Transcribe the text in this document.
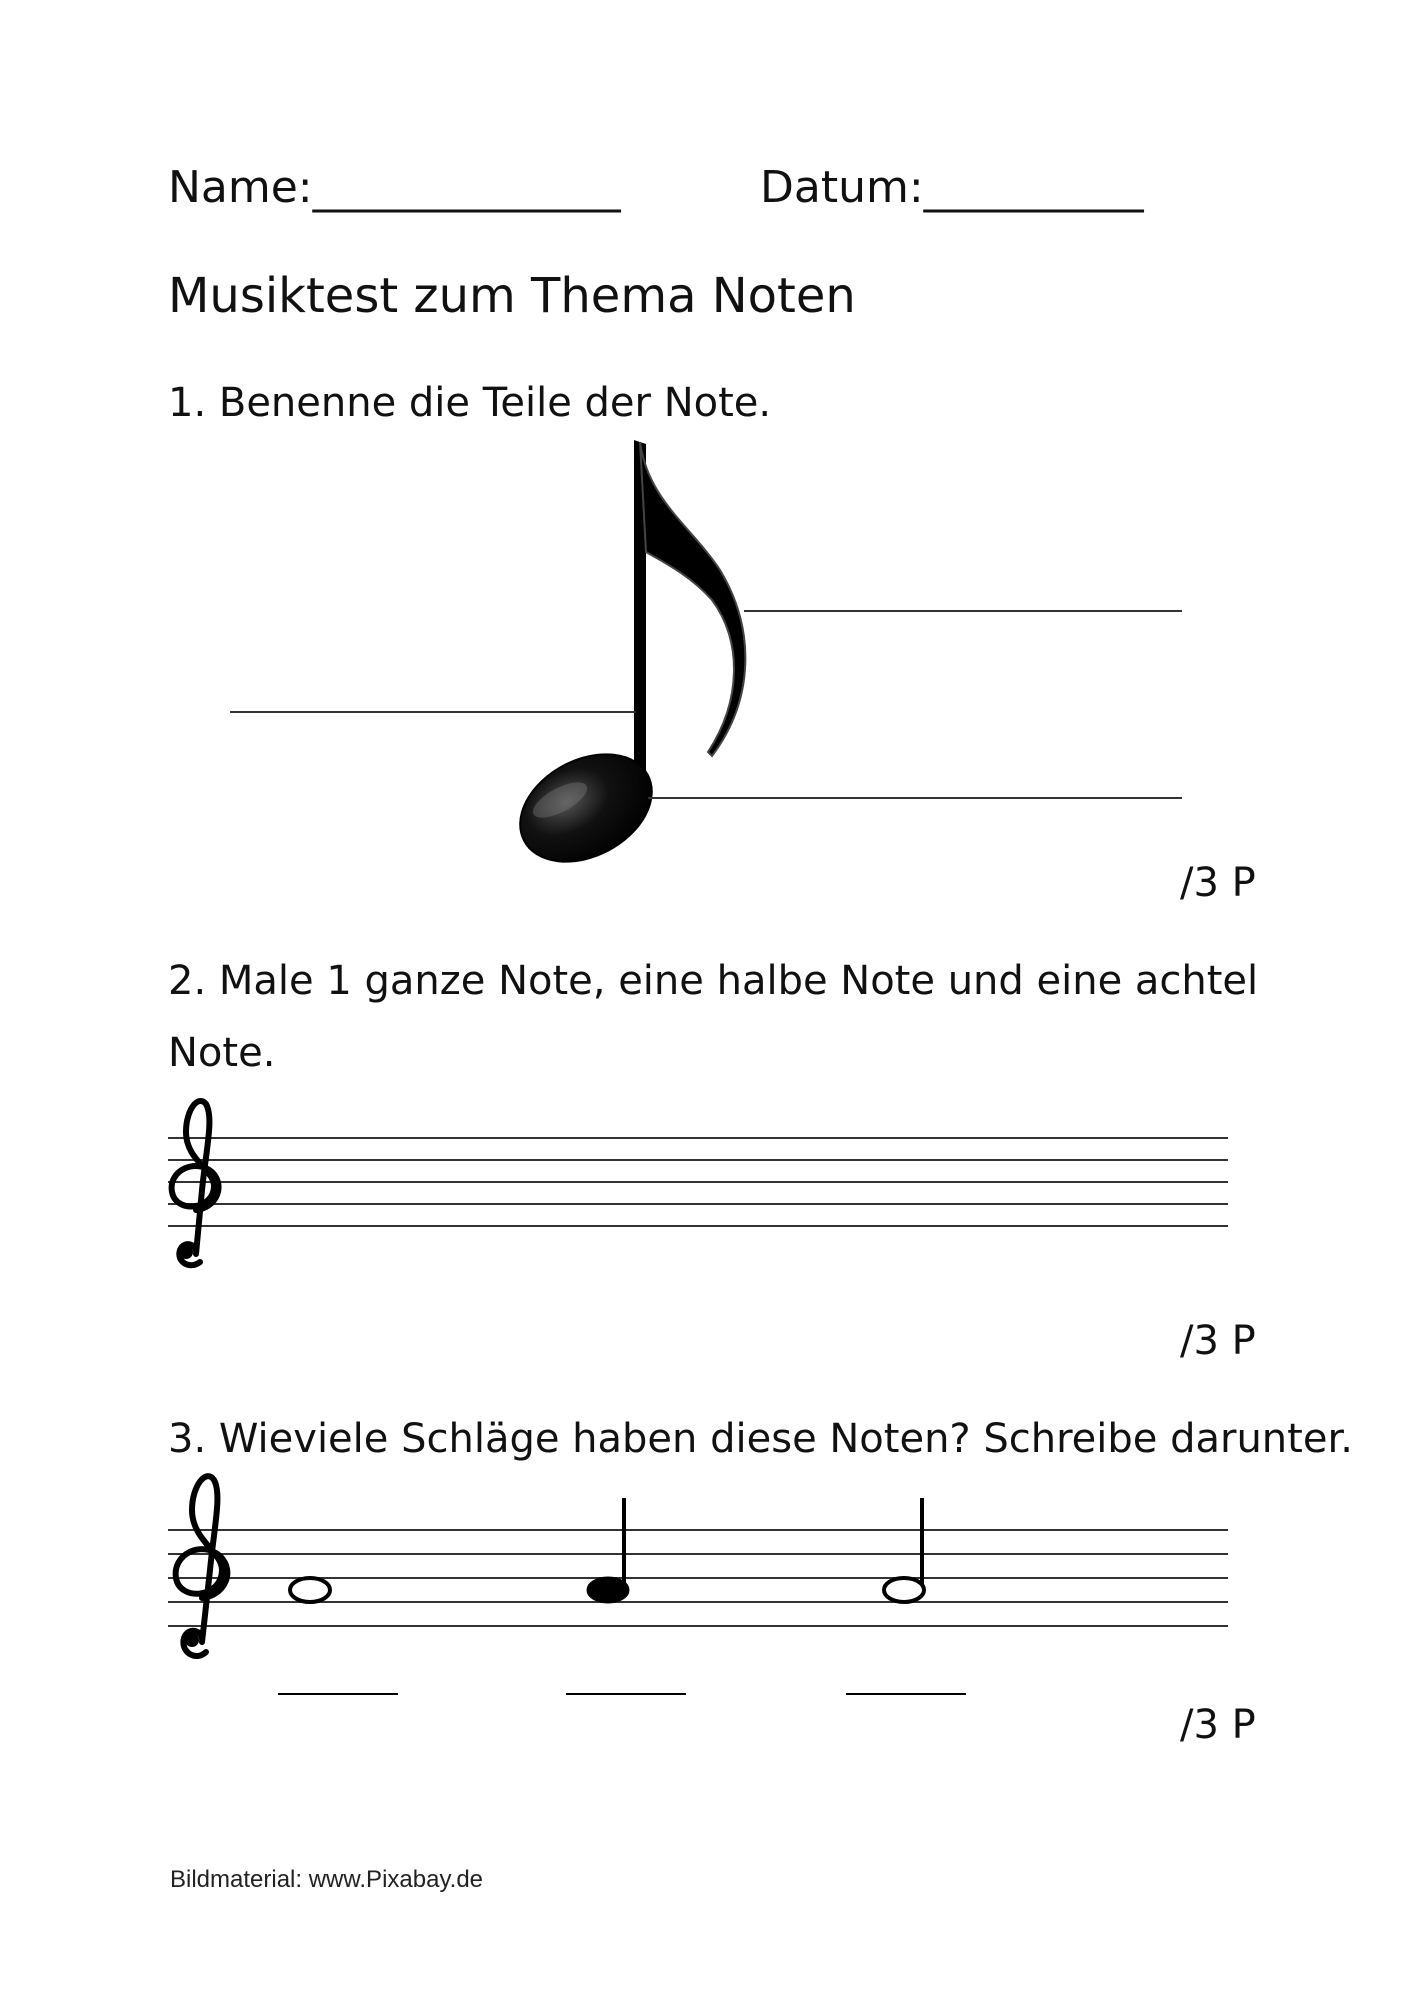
Name:______________	Datum:__________
Musiktest zum Thema Noten
1. Benenne die Teile der Note.
/3 P
2. Male 1 ganze Note, eine halbe Note und eine achtel
Note.
/3 P
3. Wieviele Schläge haben diese Noten? Schreibe darunter.
/3 P
Bildmaterial: www.Pixabay.de
